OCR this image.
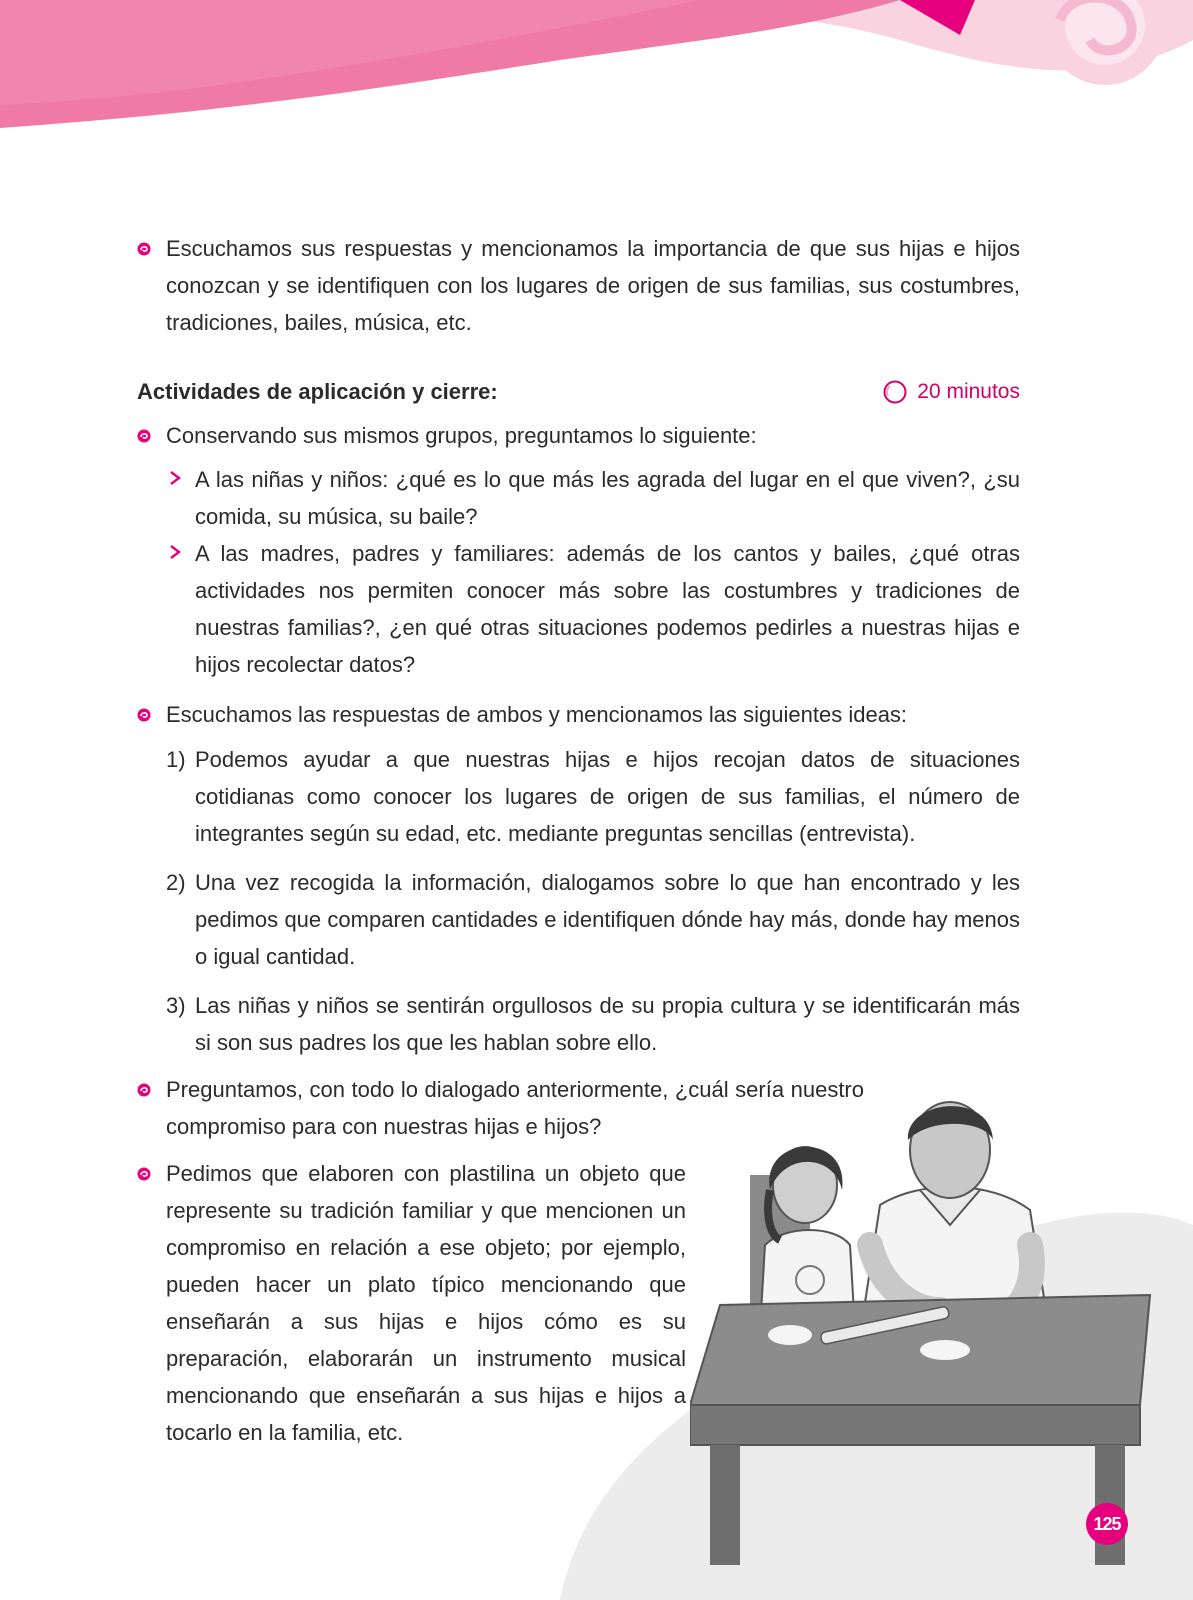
125
Escuchamos sus respuestas y mencionamos la importancia de que sus hijas e hijos conozcan y se identifiquen con los lugares de origen de sus familias, sus costumbres, tradiciones, bailes, música, etc.
Actividades de aplicación y cierre:	20 minutos
Conservando sus mismos grupos, preguntamos lo siguiente:
A las niñas y niños: ¿qué es lo que más les agrada del lugar en el que viven?, ¿su comida, su música, su baile?
A las madres, padres y familiares: además de los cantos y bailes, ¿qué otras actividades nos permiten conocer más sobre las costumbres y tradiciones de nuestras familias?, ¿en qué otras situaciones podemos pedirles a nuestras hijas e hijos recolectar datos?
Escuchamos las respuestas de ambos y mencionamos las siguientes ideas:
1) Podemos ayudar a que nuestras hijas e hijos recojan datos de situaciones cotidianas como conocer los lugares de origen de sus familias, el número de integrantes según su edad, etc. mediante preguntas sencillas (entrevista).
2) Una vez recogida la información, dialogamos sobre lo que han encontrado y les pedimos que comparen cantidades e identifiquen dónde hay más, donde hay menos o igual cantidad.
3) Las niñas y niños se sentirán orgullosos de su propia cultura y se identificarán más si son sus padres los que les hablan sobre ello.
Preguntamos, con todo lo dialogado anteriormente, ¿cuál sería nuestro compromiso para con nuestras hijas e hijos?
Pedimos que elaboren con plastilina un objeto que represente su tradición familiar y que mencionen un compromiso en relación a ese objeto; por ejemplo, pueden hacer un plato típico mencionando que enseñarán a sus hijas e hijos cómo es su preparación, elaborarán un instrumento musical mencionando que enseñarán a sus hijas e hijos a tocarlo en la familia, etc.
